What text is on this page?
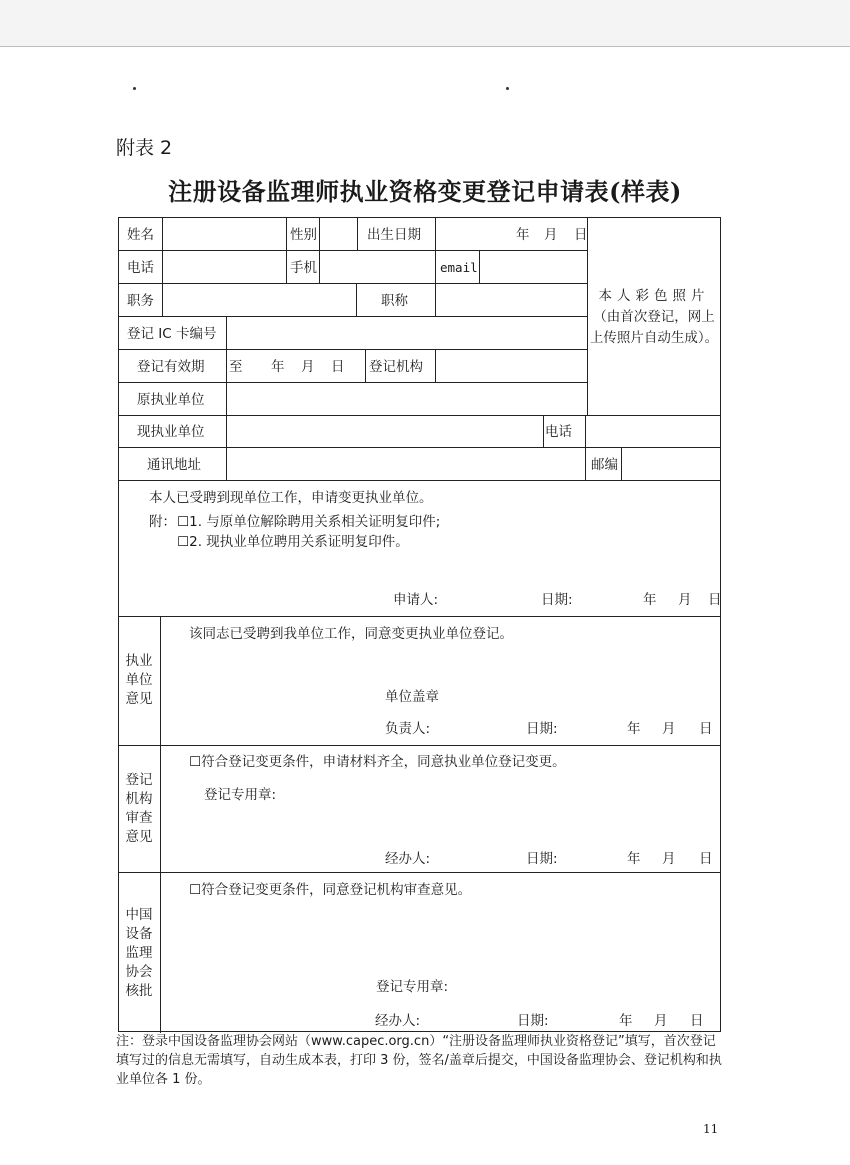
附表 2
注册设备监理师执业资格变更登记申请表(样表)
姓名	性别	出生日期	年 月 日
电话	手机	email
职务	职称
登记 IC 卡编号
登记有效期 至 年 月 日 登记机构
原执业单位
现执业单位	电话
通讯地址	邮编
本人彩色照片
（由首次登记，网上上传照片自动生成）。
本人已受聘到现单位工作，申请变更执业单位。
附： ☐1. 与原单位解除聘用关系相关证明复印件;
☐2. 现执业单位聘用关系证明复印件。
申请人:	日期:	年 月 日
执业
单位
意见
该同志已受聘到我单位工作，同意变更执业单位登记。
单位盖章
负责人:	日期:	年 月 日
登记
机构
审查
意见
☐符合登记变更条件，申请材料齐全，同意执业单位登记变更。
登记专用章:
经办人:	日期:	年 月 日
中国
设备
监理
协会
核批
☐符合登记变更条件，同意登记机构审查意见。
登记专用章:
经办人:	日期:	年 月 日
注：登录中国设备监理协会网站（www.capec.org.cn）“注册设备监理师执业资格登记”填写，首次登记填写过的信息无需填写，自动生成本表，打印 3 份，签名/盖章后提交，中国设备监理协会、登记机构和执业单位各 1 份。
11
